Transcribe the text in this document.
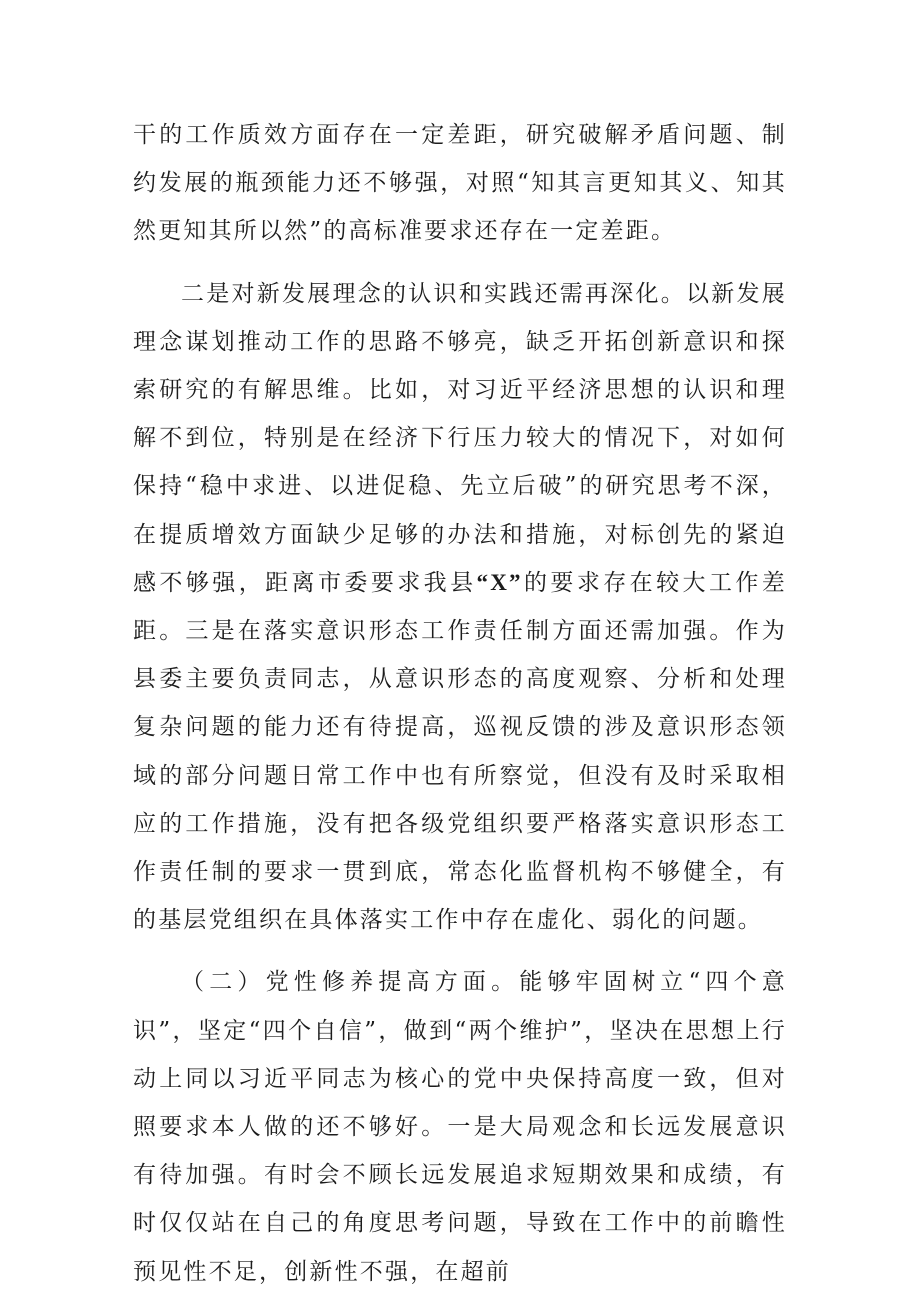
干的工作质效方面存在一定差距，研究破解矛盾问题、制约发展的瓶颈能力还不够强，对照“知其言更知其义、知其然更知其所以然”的高标准要求还存在一定差距。

二是对新发展理念的认识和实践还需再深化。以新发展理念谋划推动工作的思路不够亮，缺乏开拓创新意识和探索研究的有解思维。比如，对习近平经济思想的认识和理解不到位，特别是在经济下行压力较大的情况下，对如何保持“稳中求进、以进促稳、先立后破”的研究思考不深，在提质增效方面缺少足够的办法和措施，对标创先的紧迫感不够强，距离市委要求我县“X”的要求存在较大工作差距。三是在落实意识形态工作责任制方面还需加强。作为县委主要负责同志，从意识形态的高度观察、分析和处理复杂问题的能力还有待提高，巡视反馈的涉及意识形态领域的部分问题日常工作中也有所察觉，但没有及时采取相应的工作措施，没有把各级党组织要严格落实意识形态工作责任制的要求一贯到底，常态化监督机构不够健全，有的基层党组织在具体落实工作中存在虚化、弱化的问题。

（二）党性修养提高方面。能够牢固树立“四个意识”，坚定“四个自信”，做到“两个维护”，坚决在思想上行动上同以习近平同志为核心的党中央保持高度一致，但对照要求本人做的还不够好。一是大局观念和长远发展意识有待加强。有时会不顾长远发展追求短期效果和成绩，有时仅仅站在自己的角度思考问题，导致在工作中的前瞻性预见性不足，创新性不强，在超前
